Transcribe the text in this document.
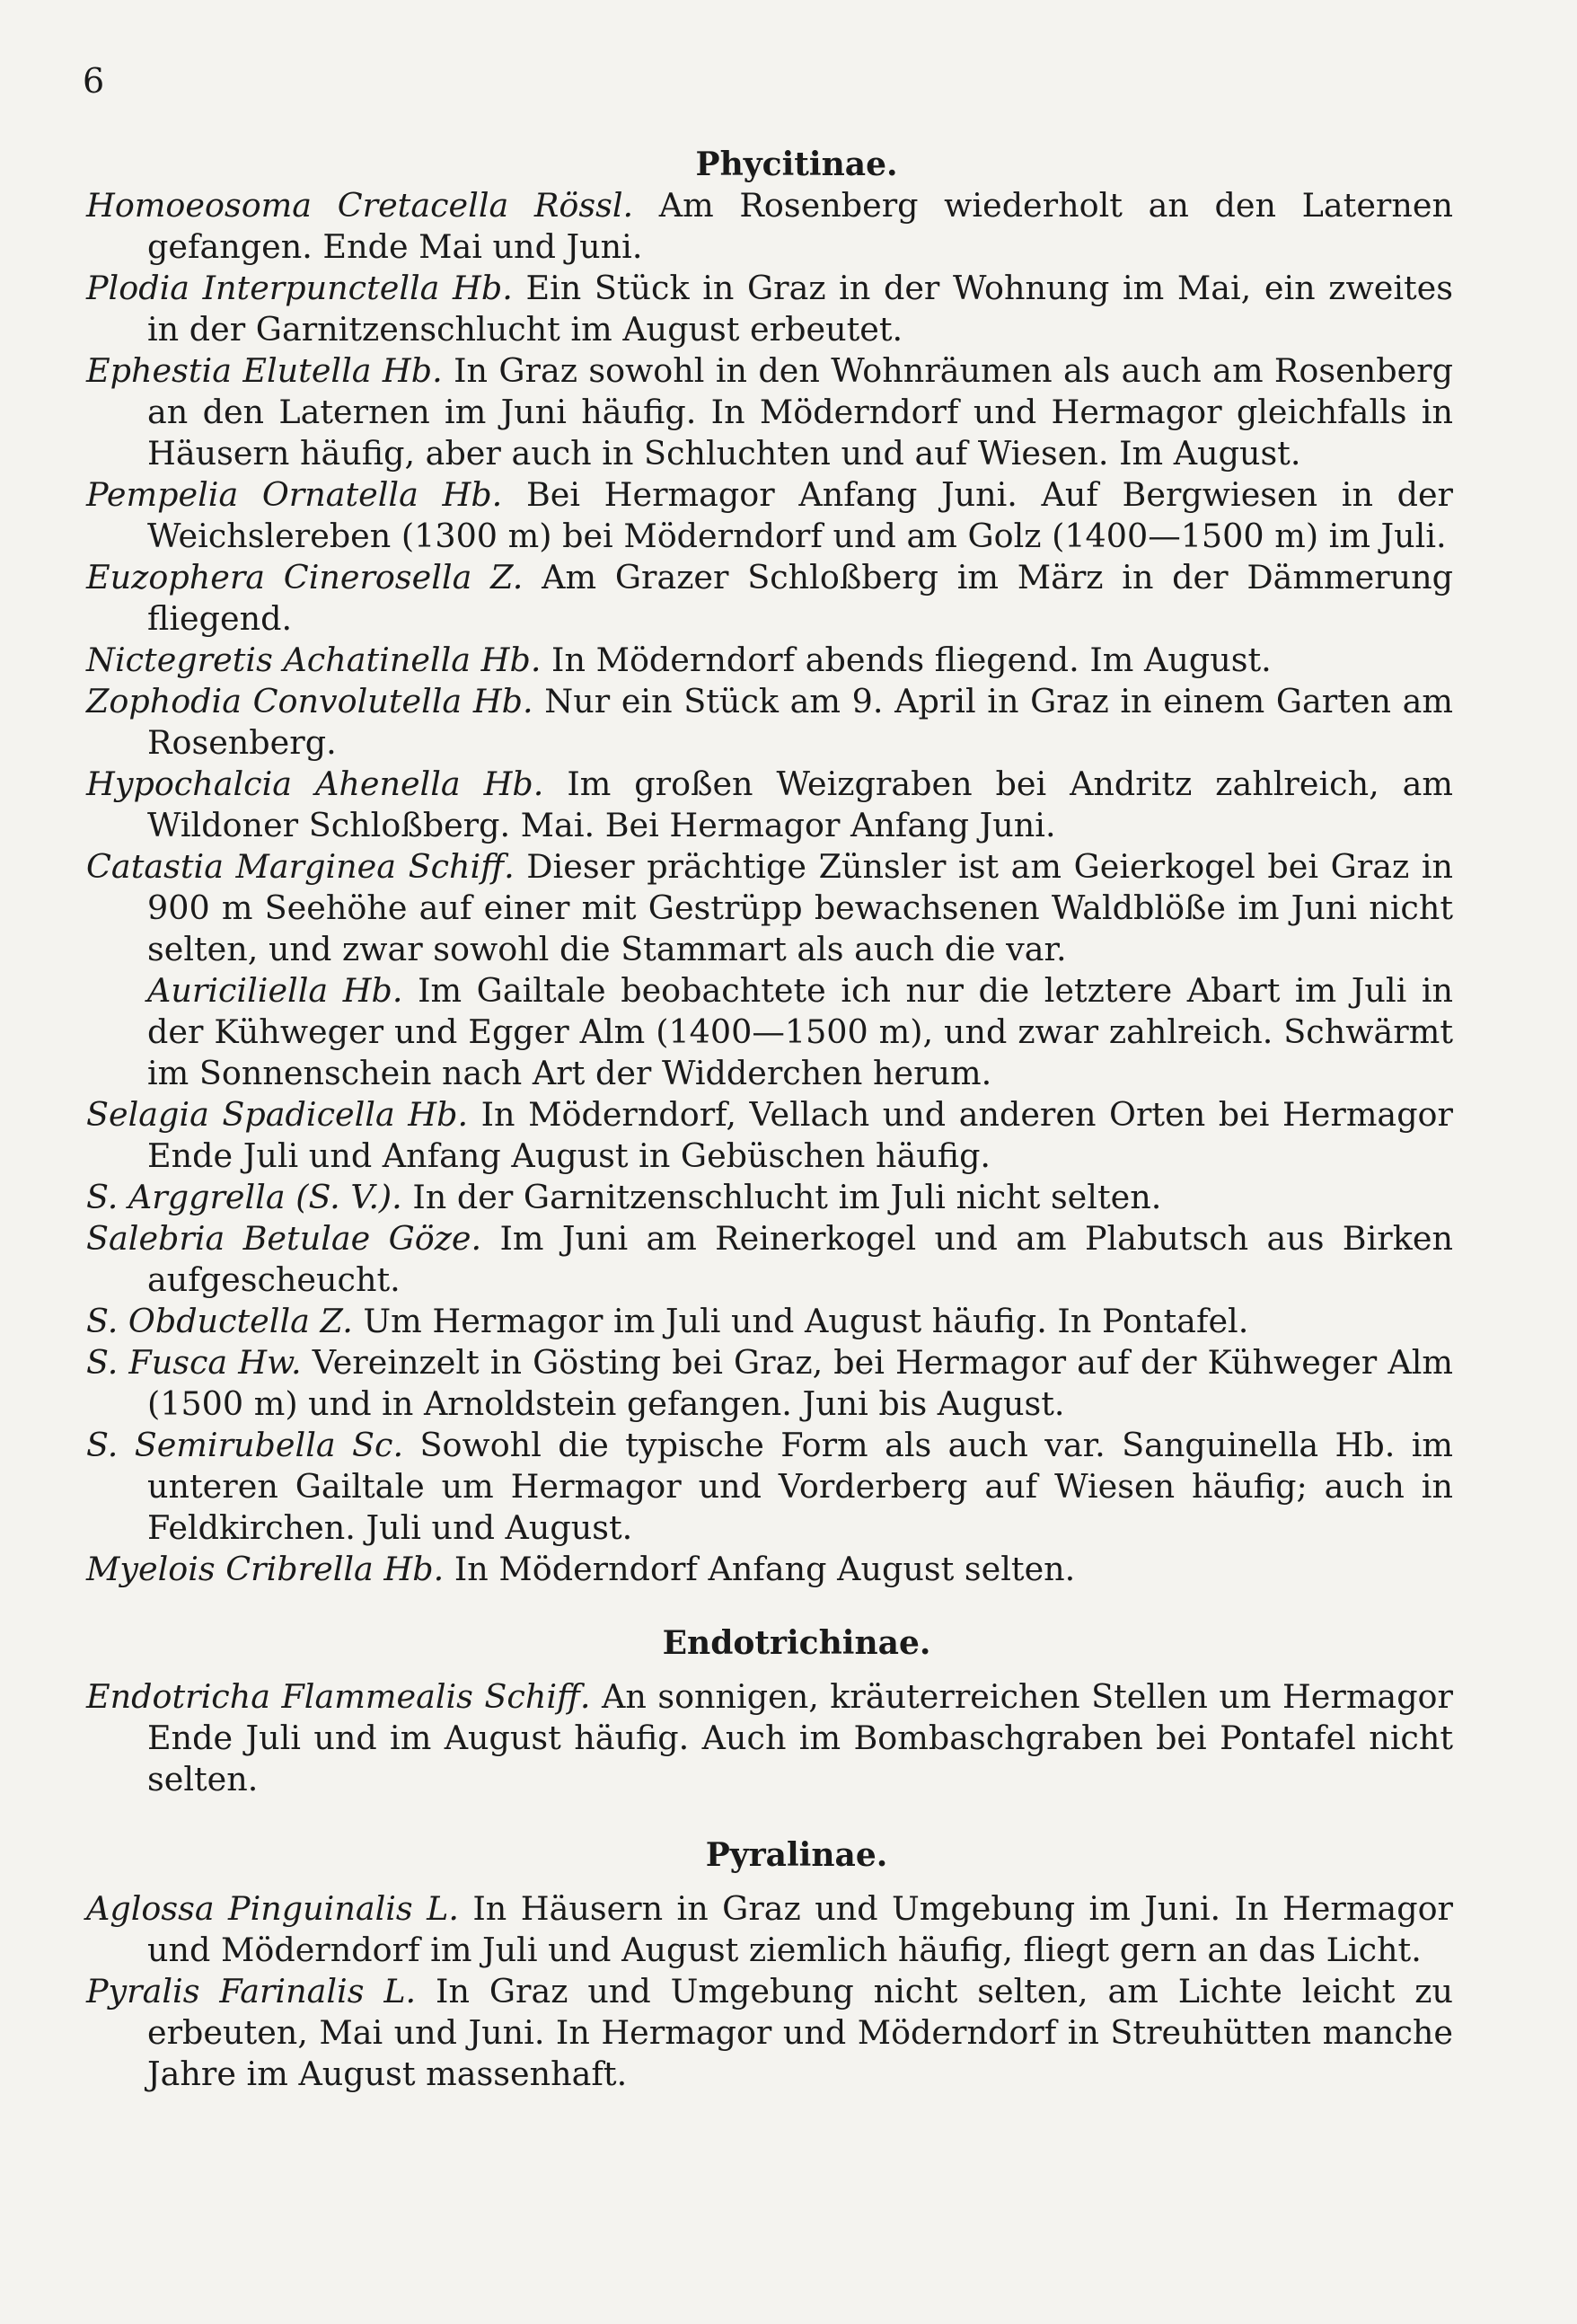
6
Phycitinae.

Homoeosoma Cretacella Rössl. Am Rosenberg wiederholt an den Laternen gefangen. Ende Mai und Juni.

Plodia Interpunctella Hb. Ein Stück in Graz in der Wohnung im Mai, ein zweites in der Garnitzenschlucht im August erbeutet.

Ephestia Elutella Hb. In Graz sowohl in den Wohnräumen als auch am Rosenberg an den Laternen im Juni häufig. In Möderndorf und Hermagor gleichfalls in Häusern häufig, aber auch in Schluchten und auf Wiesen. Im August.

Pempelia Ornatella Hb. Bei Hermagor Anfang Juni. Auf Bergwiesen in der Weichslereben (1300 m) bei Möderndorf und am Golz (1400—1500 m) im Juli.

Euzophera Cinerosella Z. Am Grazer Schloßberg im März in der Dämmerung fliegend.

Nictegretis Achatinella Hb. In Möderndorf abends fliegend. Im August.

Zophodia Convolutella Hb. Nur ein Stück am 9. April in Graz in einem Garten am Rosenberg.

Hypochalcia Ahenella Hb. Im großen Weizgraben bei Andritz zahlreich, am Wildoner Schloßberg. Mai. Bei Hermagor Anfang Juni.

Catastia Marginea Schiff. Dieser prächtige Zünsler ist am Geierkogel bei Graz in 900 m Seehöhe auf einer mit Gestrüpp bewachsenen Waldblöße im Juni nicht selten, und zwar sowohl die Stammart als auch die var.

Auriciliella Hb. Im Gailtale beobachtete ich nur die letztere Abart im Juli in der Kühweger und Egger Alm (1400—1500 m), und zwar zahlreich. Schwärmt im Sonnenschein nach Art der Widderchen herum.

Selagia Spadicella Hb. In Möderndorf, Vellach und anderen Orten bei Hermagor Ende Juli und Anfang August in Gebüschen häufig.

S. Arggrella (S. V.). In der Garnitzenschlucht im Juli nicht selten.

Salebria Betulae Göze. Im Juni am Reinerkogel und am Plabutsch aus Birken aufgescheucht.

S. Obductella Z. Um Hermagor im Juli und August häufig. In Pontafel.

S. Fusca Hw. Vereinzelt in Gösting bei Graz, bei Hermagor auf der Kühweger Alm (1500 m) und in Arnoldstein gefangen. Juni bis August.

S. Semirubella Sc. Sowohl die typische Form als auch var. Sanguinella Hb. im unteren Gailtale um Hermagor und Vorderberg auf Wiesen häufig; auch in Feldkirchen. Juli und August.

Myelois Cribrella Hb. In Möderndorf Anfang August selten.

Endotrichinae.

Endotricha Flammealis Schiff. An sonnigen, kräuterreichen Stellen um Hermagor Ende Juli und im August häufig. Auch im Bombaschgraben bei Pontafel nicht selten.

Pyralinae.

Aglossa Pinguinalis L. In Häusern in Graz und Umgebung im Juni. In Hermagor und Möderndorf im Juli und August ziemlich häufig, fliegt gern an das Licht.

Pyralis Farinalis L. In Graz und Umgebung nicht selten, am Lichte leicht zu erbeuten, Mai und Juni. In Hermagor und Möderndorf in Streuhütten manche Jahre im August massenhaft.
